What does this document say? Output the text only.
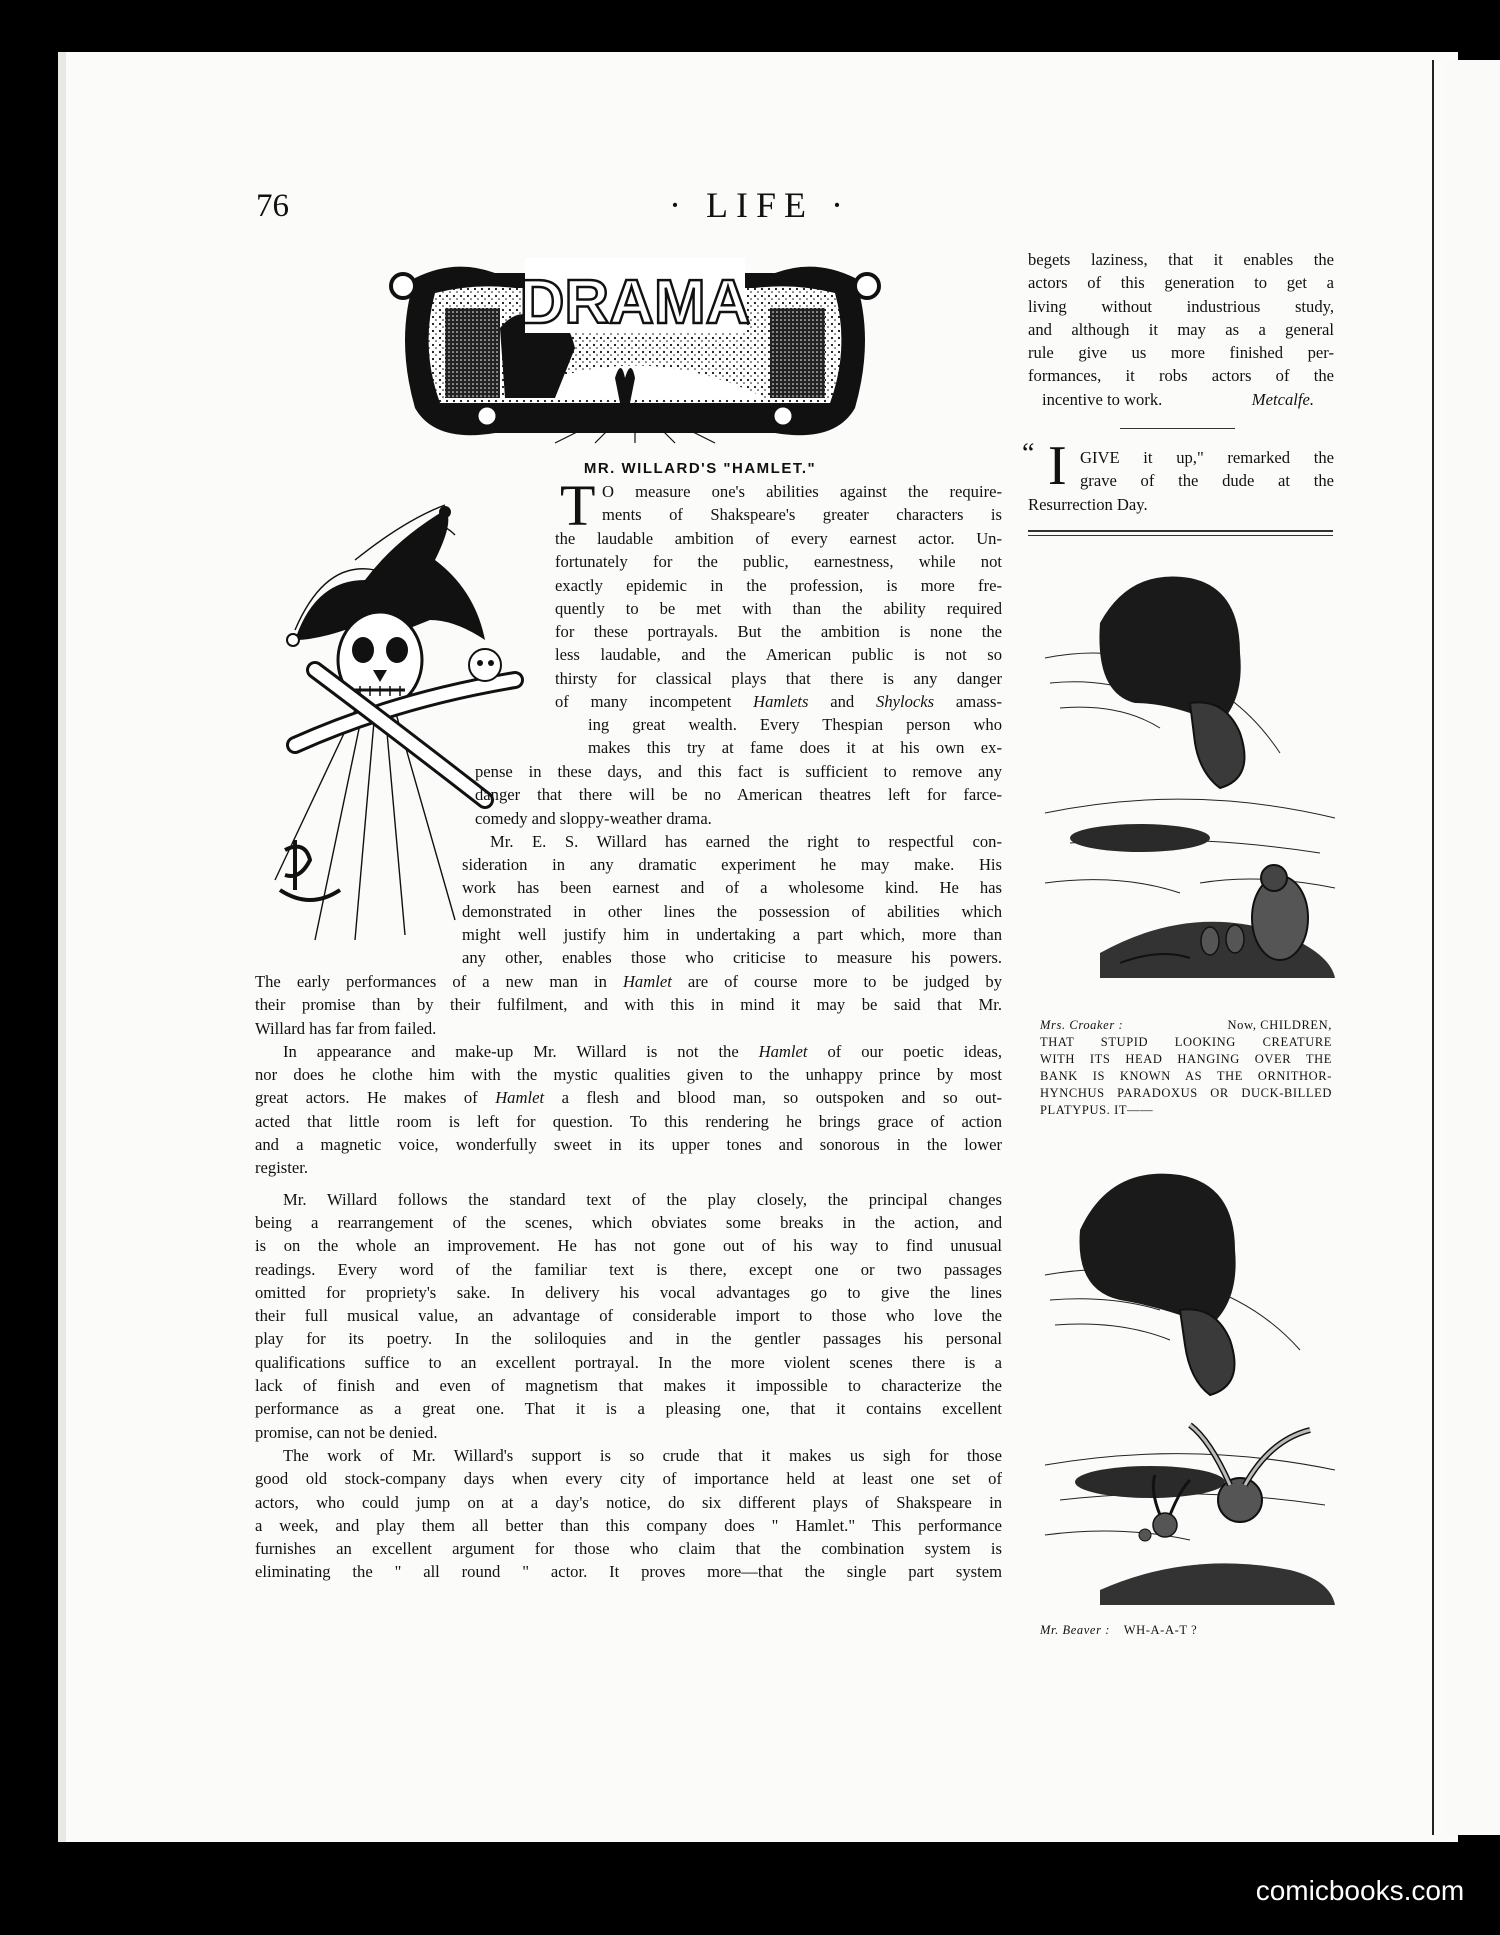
76	· LIFE ·
DRAMA
MR. WILLARD'S "HAMLET."
T O measure one's abilities against the require-
ments of Shakspeare's greater characters is
the laudable ambition of every earnest actor. Un-
fortunately for the public, earnestness, while not
exactly epidemic in the profession, is more fre-
quently to be met with than the ability required
for these portrayals. But the ambition is none the
less laudable, and the American public is not so
thirsty for classical plays that there is any danger
of many incompetent Hamlets and Shylocks amass-
ing great wealth. Every Thespian person who
makes this try at fame does it at his own ex-
pense in these days, and this fact is sufficient to remove any
danger that there will be no American theatres left for farce-
comedy and sloppy-weather drama.
Mr. E. S. Willard has earned the right to respectful con-
sideration in any dramatic experiment he may make. His
work has been earnest and of a wholesome kind. He has
demonstrated in other lines the possession of abilities which
might well justify him in undertaking a part which, more than
any other, enables those who criticise to measure his powers.
The early performances of a new man in Hamlet are of course more to be judged by
their promise than by their fulfilment, and with this in mind it may be said that Mr.
Willard has far from failed.
In appearance and make-up Mr. Willard is not the Hamlet of our poetic ideas,
nor does he clothe him with the mystic qualities given to the unhappy prince by most
great actors. He makes of Hamlet a flesh and blood man, so outspoken and so out-
acted that little room is left for question. To this rendering he brings grace of action
and a magnetic voice, wonderfully sweet in its upper tones and sonorous in the lower
register.
Mr. Willard follows the standard text of the play closely, the principal changes
being a rearrangement of the scenes, which obviates some breaks in the action, and
is on the whole an improvement. He has not gone out of his way to find unusual
readings. Every word of the familiar text is there, except one or two passages
omitted for propriety's sake. In delivery his vocal advantages go to give the lines
their full musical value, an advantage of considerable import to those who love the
play for its poetry. In the soliloquies and in the gentler passages his personal
qualifications suffice to an excellent portrayal. In the more violent scenes there is a
lack of finish and even of magnetism that makes it impossible to characterize the
performance as a great one. That it is a pleasing one, that it contains excellent
promise, can not be denied.
The work of Mr. Willard's support is so crude that it makes us sigh for those
good old stock-company days when every city of importance held at least one set of
actors, who could jump on at a day's notice, do six different plays of Shakspeare in
a week, and play them all better than this company does " Hamlet." This performance
furnishes an excellent argument for those who claim that the combination system is
eliminating the " all round " actor. It proves more—that the single part system
begets laziness, that it enables the
actors of this generation to get a
living without industrious study,
and although it may as a general
rule give us more finished per-
formances, it robs actors of the
incentive to work.	Metcalfe.
“ I GIVE it up," remarked the
grave of the dude at the
Resurrection Day.
Mrs. Croaker :	Now, CHILDREN,
THAT STUPID LOOKING CREATURE
WITH ITS HEAD HANGING OVER THE
BANK IS KNOWN AS THE ORNITHOR-
HYNCHUS PARADOXUS OR DUCK-BILLED
PLATYPUS. IT——
Mr. Beaver : WH-A-A-T ?
comicbooks.com
